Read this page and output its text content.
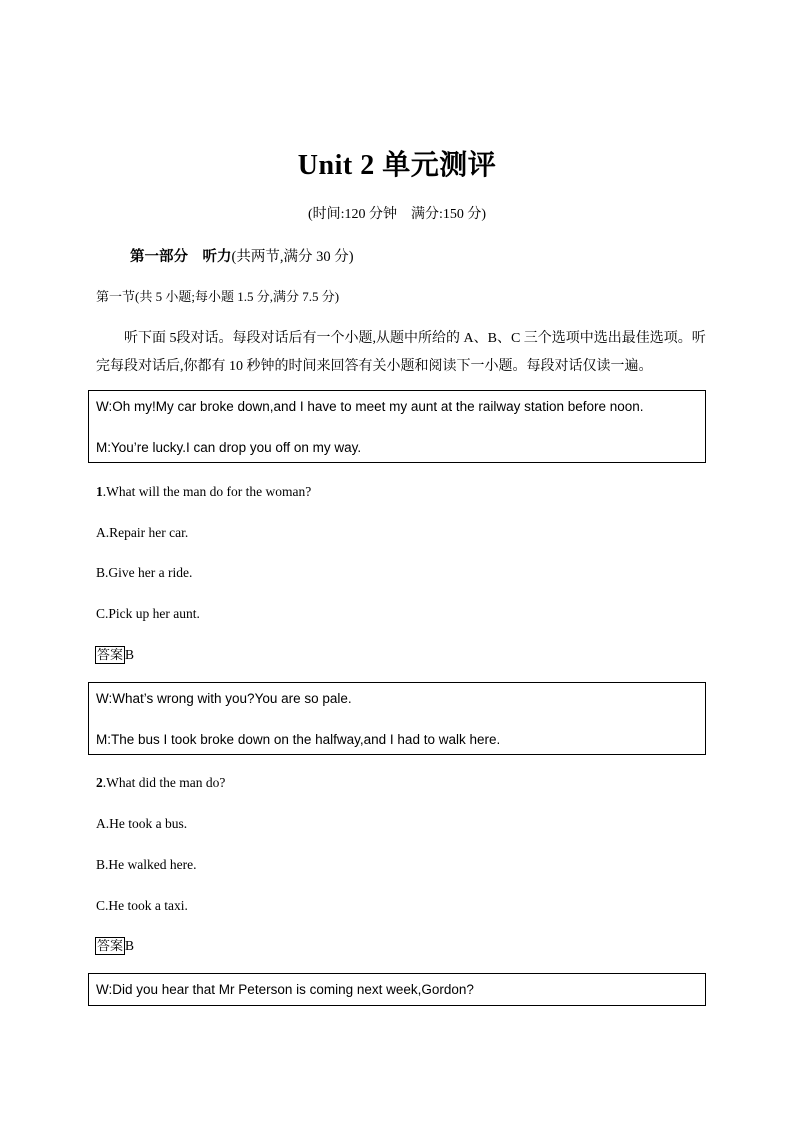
Unit 2 单元测评
(时间:120 分钟　满分:150 分)
第一部分　听力(共两节,满分 30 分)
第一节(共 5 小题;每小题 1.5 分,满分 7.5 分)
听下面 5段对话。每段对话后有一个小题,从题中所给的 A、B、C 三个选项中选出最佳选项。听完每段对话后,你都有 10 秒钟的时间来回答有关小题和阅读下一小题。每段对话仅读一遍。
W:Oh my!My car broke down,and I have to meet my aunt at the railway station before noon.
M:You’re lucky.I can drop you off on my way.
1.What will the man do for the woman?
A.Repair her car.
B.Give her a ride.
C.Pick up her aunt.
答案 B
W:What’s wrong with you?You are so pale.
M:The bus I took broke down on the halfway,and I had to walk here.
2.What did the man do?
A.He took a bus.
B.He walked here.
C.He took a taxi.
答案 B
W:Did you hear that Mr Peterson is coming next week,Gordon?
